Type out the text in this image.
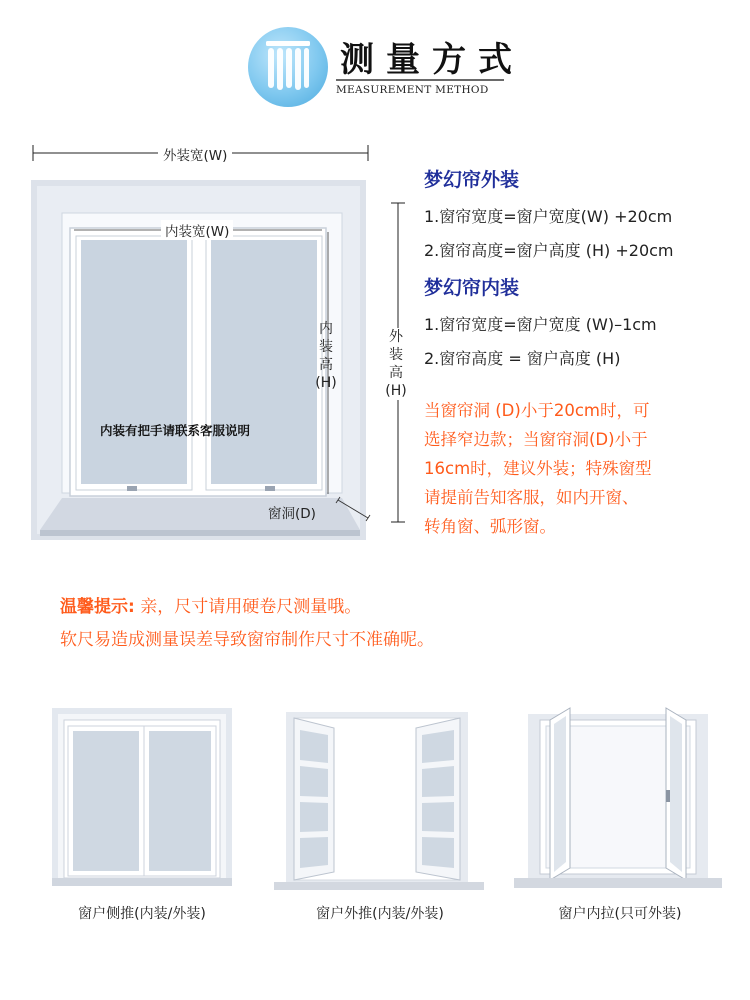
测量方式
MEASUREMENT METHOD
外装宽(W)
内装宽(W)
内
装
高
(H)
外
装
高
(H)
窗洞(D)
内装有把手请联系客服说明
梦幻帘外装
1.窗帘宽度=窗户宽度(W) +20cm
2.窗帘高度=窗户高度 (H) +20cm
梦幻帘内装
1.窗帘宽度=窗户宽度 (W)–1cm
2.窗帘高度 = 窗户高度 (H)
当窗帘洞 (D)小于20cm时，可
选择窄边款；当窗帘洞(D)小于
16cm时，建议外装；特殊窗型
请提前告知客服，如内开窗、
转角窗、弧形窗。
温馨提示: 亲，尺寸请用硬卷尺测量哦。
软尺易造成测量误差导致窗帘制作尺寸不准确呢。
窗户侧推(内装/外装)	窗户外推(内装/外装)	窗户内拉(只可外装)
